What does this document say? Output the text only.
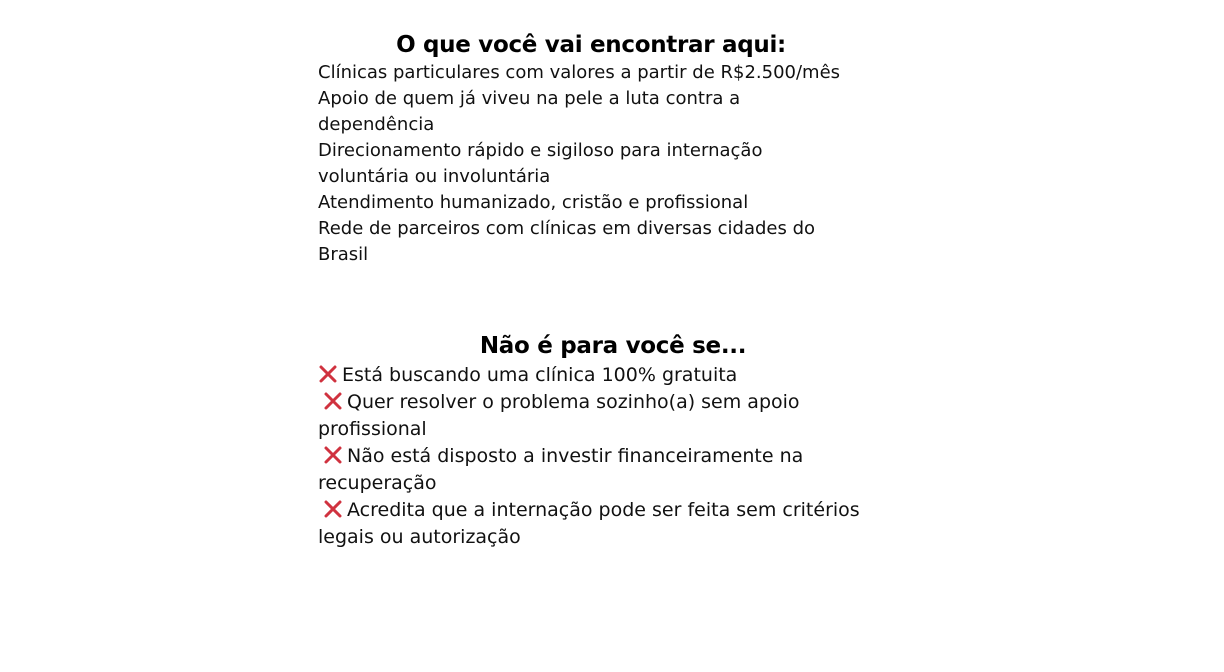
O que você vai encontrar aqui:
Clínicas particulares com valores a partir de R$2.500/mês
Apoio de quem já viveu na pele a luta contra a
dependência
Direcionamento rápido e sigiloso para internação
voluntária ou involuntária
Atendimento humanizado, cristão e profissional
Rede de parceiros com clínicas em diversas cidades do
Brasil
Não é para você se...
Está buscando uma clínica 100% gratuita
Quer resolver o problema sozinho(a) sem apoio
profissional
Não está disposto a investir financeiramente na
recuperação
Acredita que a internação pode ser feita sem critérios
legais ou autorização
